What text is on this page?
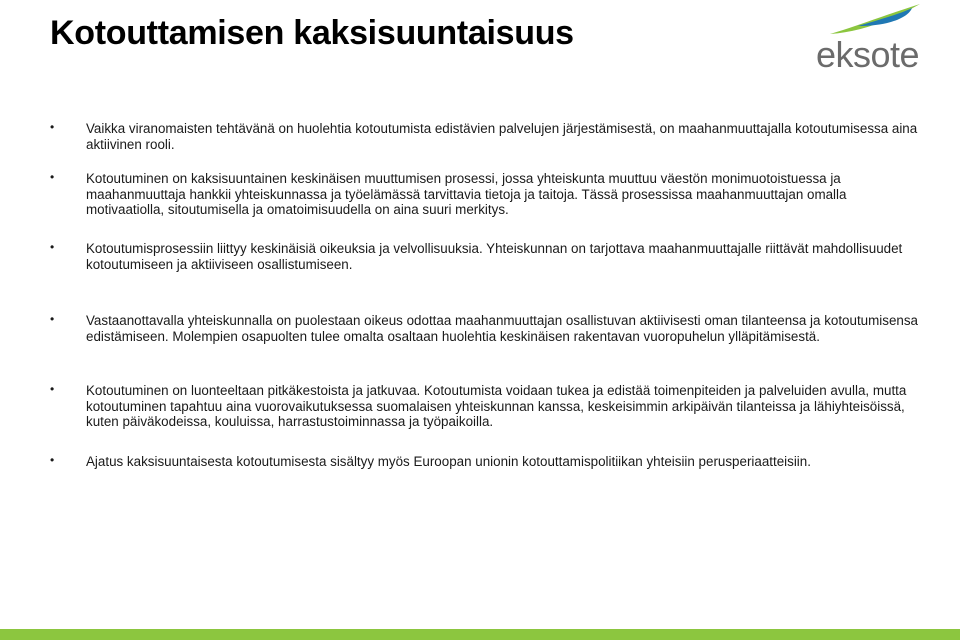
Kotouttamisen kaksisuuntaisuus
eksote
• Vaikka viranomaisten tehtävänä on huolehtia kotoutumista edistävien palvelujen järjestämisestä, on maahanmuuttajalla kotoutumisessa aina aktiivinen rooli.
• Kotoutuminen on kaksisuuntainen keskinäisen muuttumisen prosessi, jossa yhteiskunta muuttuu väestön monimuotoistuessa ja maahanmuuttaja hankkii yhteiskunnassa ja työelämässä tarvittavia tietoja ja taitoja. Tässä prosessissa maahanmuuttajan omalla motivaatiolla, sitoutumisella ja omatoimisuudella on aina suuri merkitys.
• Kotoutumisprosessiin liittyy keskinäisiä oikeuksia ja velvollisuuksia. Yhteiskunnan on tarjottava maahanmuuttajalle riittävät mahdollisuudet kotoutumiseen ja aktiiviseen osallistumiseen.
• Vastaanottavalla yhteiskunnalla on puolestaan oikeus odottaa maahanmuuttajan osallistuvan aktiivisesti oman tilanteensa ja kotoutumisensa edistämiseen. Molempien osapuolten tulee omalta osaltaan huolehtia keskinäisen rakentavan vuoropuhelun ylläpitämisestä.
• Kotoutuminen on luonteeltaan pitkäkestoista ja jatkuvaa. Kotoutumista voidaan tukea ja edistää toimenpiteiden ja palveluiden avulla, mutta kotoutuminen tapahtuu aina vuorovaikutuksessa suomalaisen yhteiskunnan kanssa, keskeisimmin arkipäivän tilanteissa ja lähiyhteisöissä, kuten päiväkodeissa, kouluissa, harrastustoiminnassa ja työpaikoilla.
• Ajatus kaksisuuntaisesta kotoutumisesta sisältyy myös Euroopan unionin kotouttamispolitiikan yhteisiin perusperiaatteisiin.
